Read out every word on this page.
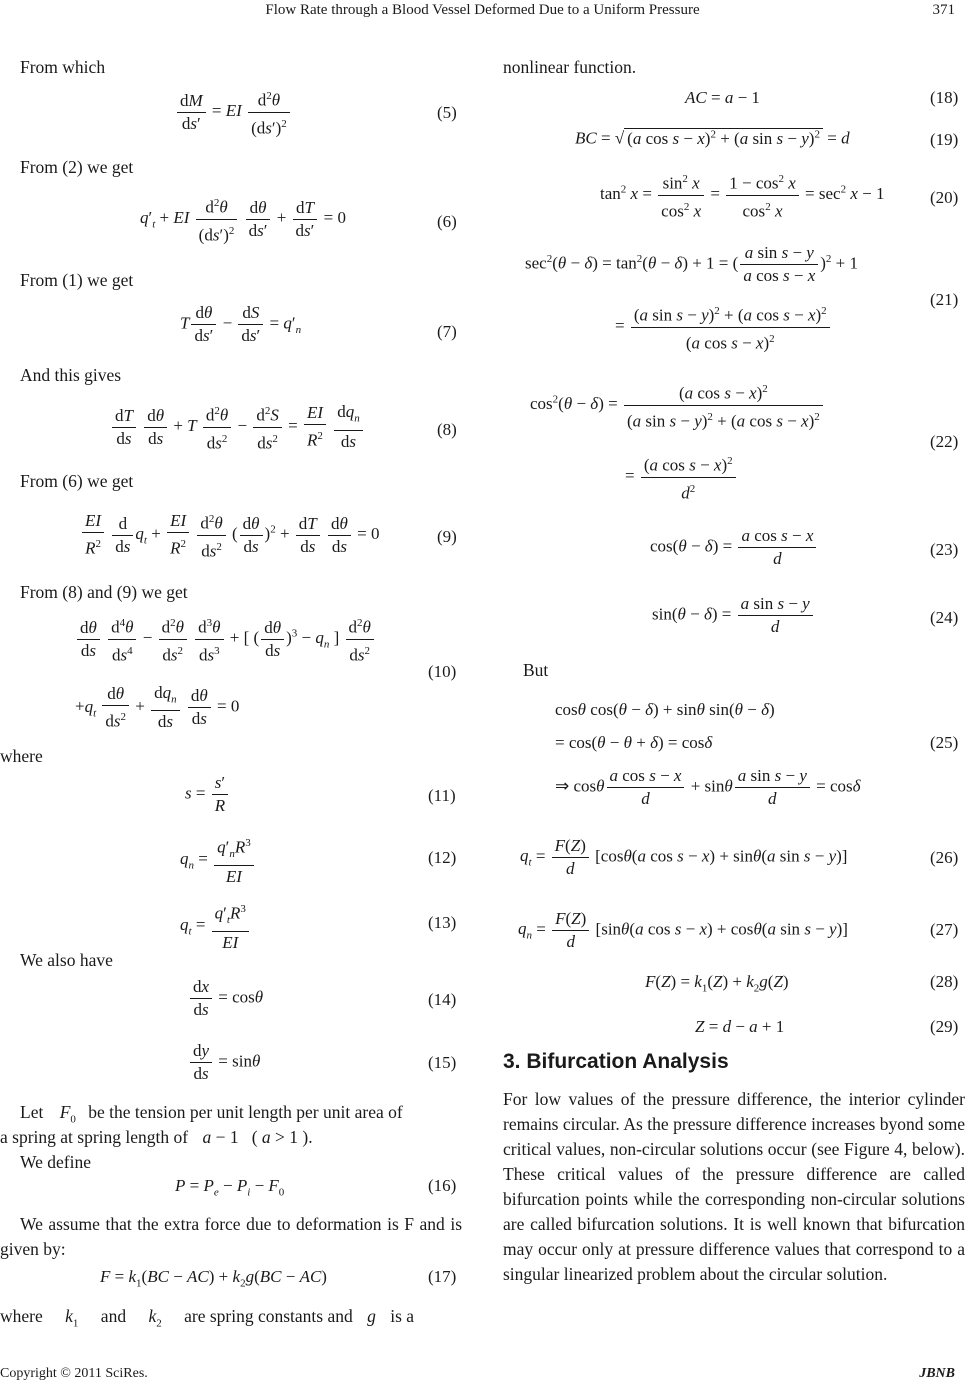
Flow Rate through a Blood Vessel Deformed Due to a Uniform Pressure	371
From which
$\frac{dM}{ds'}$ = EI $\frac{d^2\theta}{(ds')^2}$	(5)
From (2) we get
$q'_t$ + EI $\frac{d^2\theta}{(ds')^2}$
$\frac{d\theta}{ds'} + \frac{dT}{ds'} = 0$	(6)
From (1) we get
T $\frac{d\theta}{ds'} - \frac{dS}{ds'} = q'_n$	(7)
And this gives
$\frac{dT}{ds}$
$\frac{d\theta}{ds} + T \frac{d^2\theta}{ds^2} - \frac{d^2S}{ds^2} = \frac{EI}{R^2}$
$\frac{dq_n}{ds}$	(8)
From (6) we get
$\frac{EI}{R^2}$
$\frac{d}{ds} q_t + \frac{EI}{R^2}$
$\frac{d^2\theta}{ds^2}$ ( $\frac{d\theta}{ds} )^2 + \frac{dT}{ds}$
$\frac{d\theta}{ds} = 0$	(9)
From (8) and (9) we get
$\frac{d\theta}{ds}$
$\frac{d^4\theta}{ds^4} - \frac{d^2\theta}{ds^2}$
$\frac{d^3\theta}{ds^3}$ + [ ( $\frac{d\theta}{ds} )^3 - q_n$ ] $\frac{d^2\theta}{ds^2}$
$+q_t \frac{d\theta}{ds^2} + \frac{dq_n}{ds}$
$\frac{d\theta}{ds} = 0$
(10)
where
$s = \frac{s'}{R}$	(11)
$q_n = \frac{q'_nR^3}{EI}$	(12)
$q_t = \frac{q'_tR^3}{EI}$	(13)
We also have
$\frac{dx}{ds} = \cos\theta$	(14)
$\frac{dy}{ds} = \sin\theta$	(15)
Let $F_0$ be the tension per unit length per unit area of
a spring at spring length of a − 1   ( a > 1 ).
We define
$P = P_e - P_i - F_0$	(16)
We assume that the extra force due to deformation is F and is given by:
$F = k_1(BC - AC) + k_2g(BC - AC)$	(17)
where $k_1$ and $k_2$ are spring constants and g is a
nonlinear function.
AC = a − 1	(18)
BC = √ (a cos s − x)$^2$ + (a sin s − y)$^2$ = d	(19)
$\tan^2 x = \frac{\sin^2 x}{\cos^2 x} = \frac{1 - \cos^2 x}{\cos^2 x} = \sec^2 x - 1$	(20)
$\sec^2(\theta - \delta) = \tan^2(\theta - \delta) + 1$ = ( $\frac{\text{a sin s − y}}{\text{a cos s − x}} )^2 + 1$
= $\frac{(a \sin s - y)^2 + (a \cos s - x)^2}{(a \cos s - x)^2}$
(21)
$\cos^2(\theta - \delta) = \frac{(a \cos s - x)^2}{(a \sin s - y)^2 + (a \cos s - x)^2}$
= $\frac{(a \cos s - x)^2}{d^2}$
(22)
$\cos(\theta - \delta) = \frac{\text{a cos s − x}}{d}$	(23)
$\sin(\theta - \delta) = \frac{\text{a sin s − y}}{d}$	(24)
But
cosθ cos(θ − δ) + sinθ sin(θ − δ)
= cos(θ − θ + δ) = cosδ
⇒ cosθ $\frac{\text{a cos s − x}}{d} + \sin\theta \frac{\text{a sin s − y}}{d} = \cos\delta$
(25)
$q_t = \frac{F(Z)}{d} [\cos\theta(a$ cos s − x) + sinθ(a sin s − y)]	(26)
$q_n = \frac{F(Z)}{d} [\sin\theta(a$ cos s − x) + cosθ(a sin s − y)]	(27)
$F(Z) = k_1(Z) + k_2g(Z)$	(28)
Z = d − a + 1	(29)
3. Bifurcation Analysis
For low values of the pressure difference, the interior cylinder remains circular. As the pressure difference increases byond some critical values, non-circular solutions occur (see Figure 4, below). These critical values of the pressure difference are called bifurcation points while the corresponding non-circular solutions are called bifurcation solutions. It is well known that bifurcation may occur only at pressure difference values that correspond to a singular linearized problem about the circular solution.
Copyright © 2011 SciRes.	JBNB
